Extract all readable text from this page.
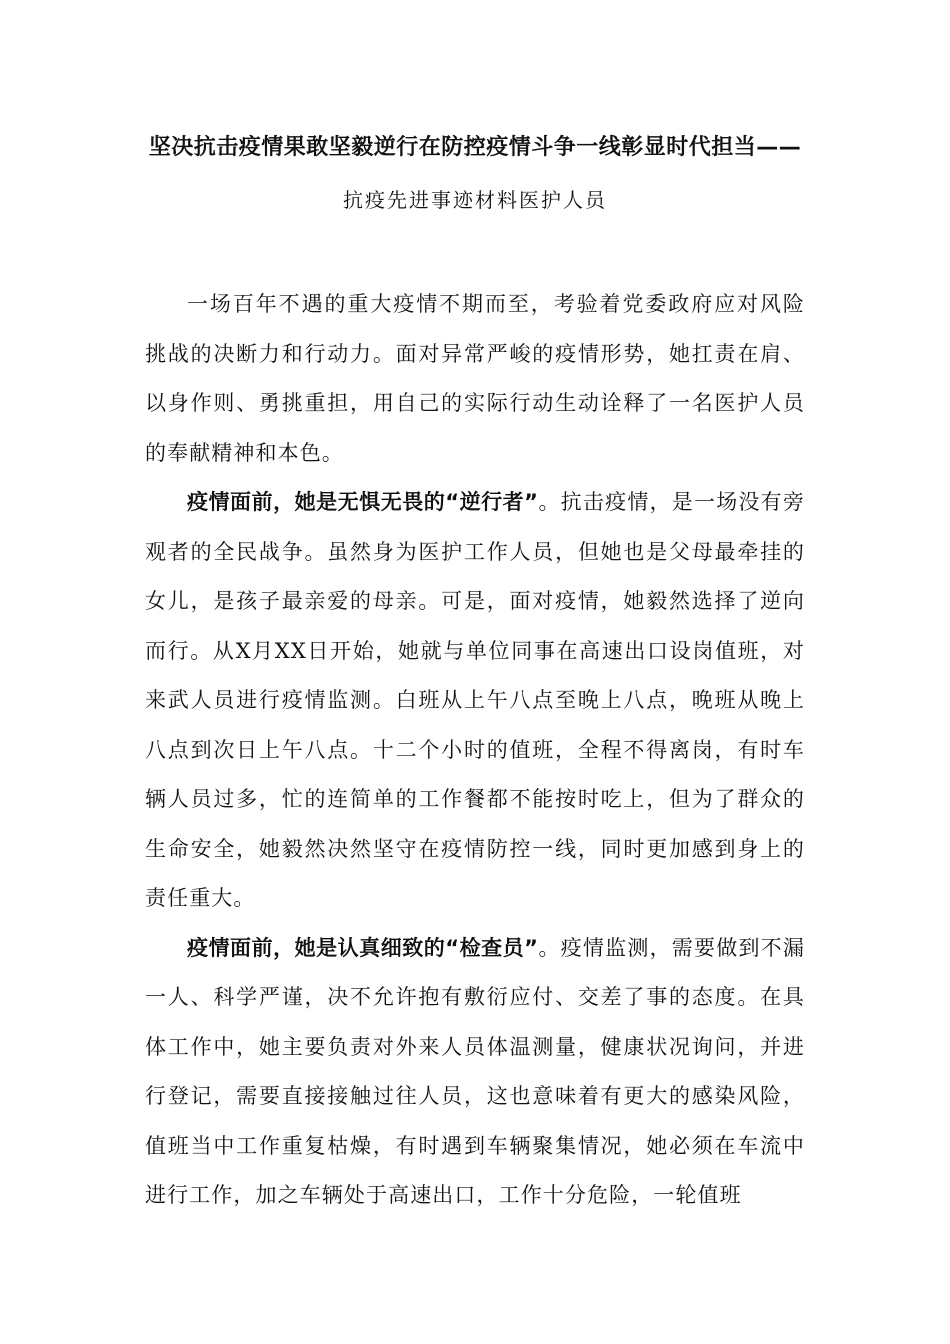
坚决抗击疫情果敢坚毅逆行在防控疫情斗争一线彰显时代担当——
抗疫先进事迹材料医护人员

一场百年不遇的重大疫情不期而至，考验着党委政府应对风险挑战的决断力和行动力。面对异常严峻的疫情形势，她扛责在肩、以身作则、勇挑重担，用自己的实际行动生动诠释了一名医护人员的奉献精神和本色。

疫情面前，她是无惧无畏的“逆行者”。抗击疫情，是一场没有旁观者的全民战争。虽然身为医护工作人员，但她也是父母最牵挂的女儿，是孩子最亲爱的母亲。可是，面对疫情，她毅然选择了逆向而行。从X月XX日开始，她就与单位同事在高速出口设岗值班，对来武人员进行疫情监测。白班从上午八点至晚上八点，晚班从晚上八点到次日上午八点。十二个小时的值班，全程不得离岗，有时车辆人员过多，忙的连简单的工作餐都不能按时吃上，但为了群众的生命安全，她毅然决然坚守在疫情防控一线，同时更加感到身上的责任重大。

疫情面前，她是认真细致的“检查员”。疫情监测，需要做到不漏一人、科学严谨，决不允许抱有敷衍应付、交差了事的态度。在具体工作中，她主要负责对外来人员体温测量，健康状况询问，并进行登记，需要直接接触过往人员，这也意味着有更大的感染风险，值班当中工作重复枯燥，有时遇到车辆聚集情况，她必须在车流中进行工作，加之车辆处于高速出口，工作十分危险，一轮值班
